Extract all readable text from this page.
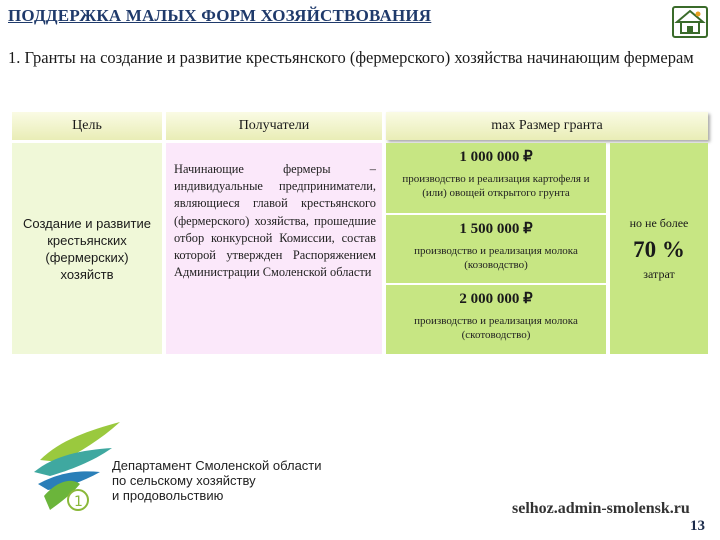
ПОДДЕРЖКА МАЛЫХ ФОРМ ХОЗЯЙСТВОВАНИЯ
1. Гранты на создание и развитие крестьянского (фермерского) хозяйства начинающим фермерам
Цель	Получатели	max Размер гранта
Создание и развитие крестьянских (фермерских) хозяйств
Начинающие фермеры – индивидуальные предприниматели, являющиеся главой крестьянского (фермерского) хозяйства, прошедшие отбор конкурсной Комиссии, состав которой утвержден Распоряжением Администрации Смоленской области
1 000 000 ₽
производство и реализация картофеля и (или) овощей открытого грунта
1 500 000 ₽
производство и реализация молока (козоводство)
2 000 000 ₽
производство и реализация молока (скотоводство)
но не более
70 %
затрат
1
Департамент Смоленской области
по сельскому хозяйству
и продовольствию
selhoz.admin-smolensk.ru
13
